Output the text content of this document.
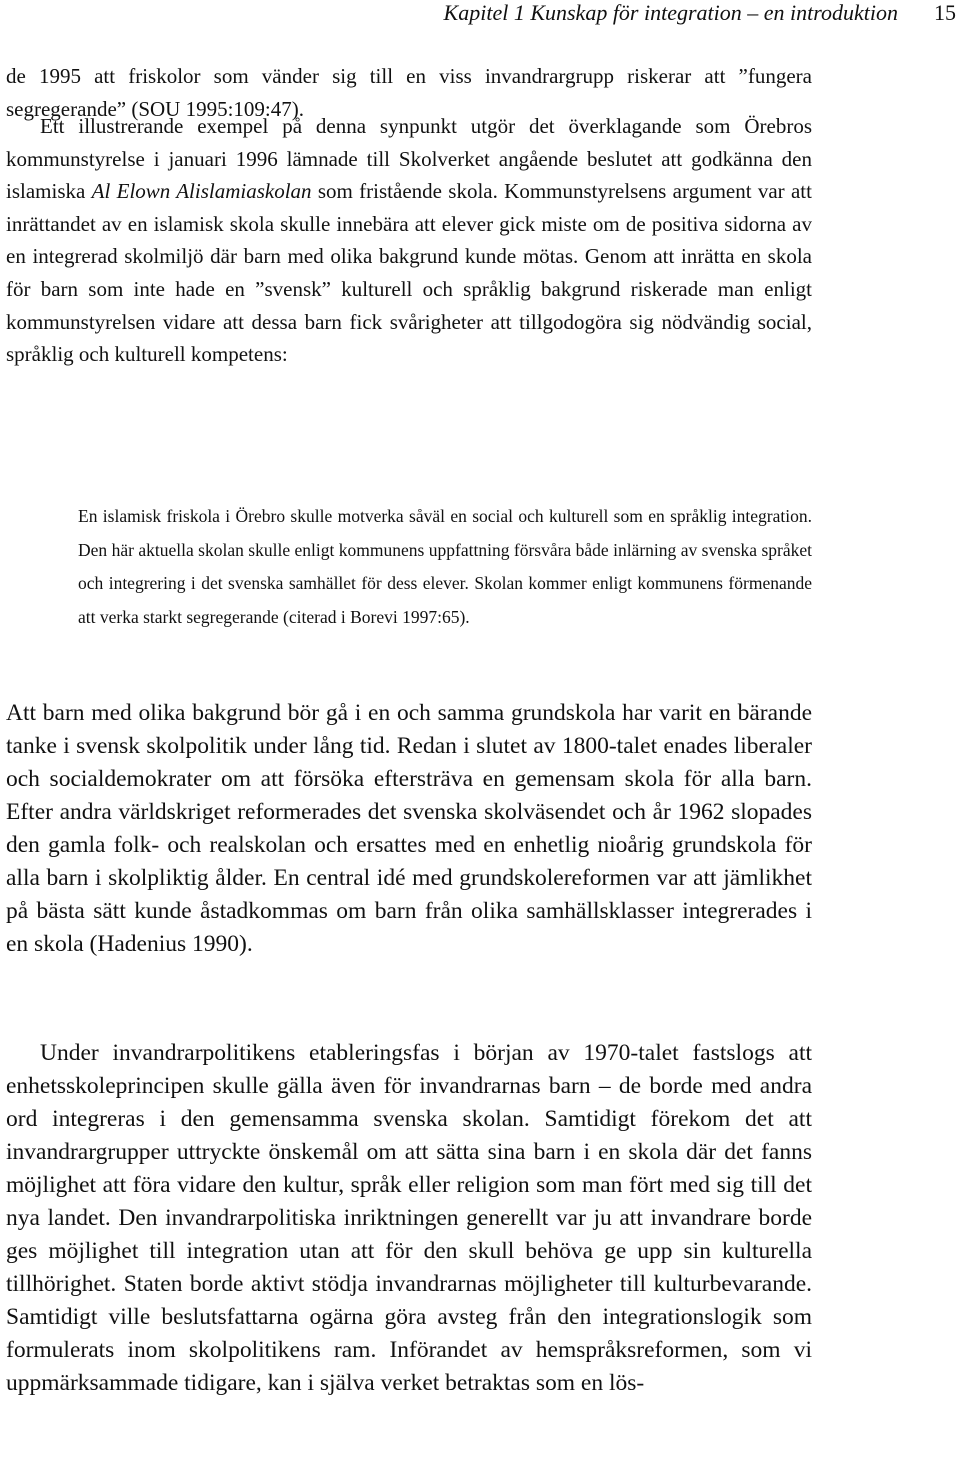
Kapitel 1 Kunskap för integration – en introduktion 15

de 1995 att friskolor som vänder sig till en viss invandrargrupp riskerar att ”fungera segregerande” (SOU 1995:109:47).

Ett illustrerande exempel på denna synpunkt utgör det överklagande som Örebros kommunstyrelse i januari 1996 lämnade till Skolverket angående beslutet att godkänna den islamiska Al Elown Alislamiaskolan som fristående skola. Kommunstyrelsens argument var att inrättandet av en islamisk skola skulle innebära att elever gick miste om de positiva sidorna av en integrerad skolmiljö där barn med olika bakgrund kunde mötas. Genom att inrätta en skola för barn som inte hade en ”svensk” kulturell och språklig bakgrund riskerade man enligt kommunstyrelsen vidare att dessa barn fick svårigheter att tillgodogöra sig nödvändig social, språklig och kulturell kompetens:

En islamisk friskola i Örebro skulle motverka såväl en social och kulturell som en språklig integration. Den här aktuella skolan skulle enligt kommunens uppfattning försvåra både inlärning av svenska språket och integrering i det svenska samhället för dess elever. Skolan kommer enligt kommunens förmenande att verka starkt segregerande (citerad i Borevi 1997:65).

Att barn med olika bakgrund bör gå i en och samma grundskola har varit en bärande tanke i svensk skolpolitik under lång tid. Redan i slutet av 1800-talet enades liberaler och socialdemokrater om att försöka eftersträva en gemensam skola för alla barn. Efter andra världskriget reformerades det svenska skolväsendet och år 1962 slopades den gamla folk- och realskolan och ersattes med en enhetlig nioårig grundskola för alla barn i skolpliktig ålder. En central idé med grundskolereformen var att jämlikhet på bästa sätt kunde åstadkommas om barn från olika samhällsklasser integrerades i en skola (Hadenius 1990).

Under invandrarpolitikens etableringsfas i början av 1970-talet fastslogs att enhetsskoleprincipen skulle gälla även för invandrarnas barn – de borde med andra ord integreras i den gemensamma svenska skolan. Samtidigt förekom det att invandrargrupper uttryckte önskemål om att sätta sina barn i en skola där det fanns möjlighet att föra vidare den kultur, språk eller religion som man fört med sig till det nya landet. Den invandrarpolitiska inriktningen generellt var ju att invandrare borde ges möjlighet till integration utan att för den skull behöva ge upp sin kulturella tillhörighet. Staten borde aktivt stödja invandrarnas möjligheter till kulturbevarande. Samtidigt ville beslutsfattarna ogärna göra avsteg från den integrationslogik som formulerats inom skolpolitikens ram. Införandet av hemspråksreformen, som vi uppmärksammade tidigare, kan i själva verket betraktas som en lös-
